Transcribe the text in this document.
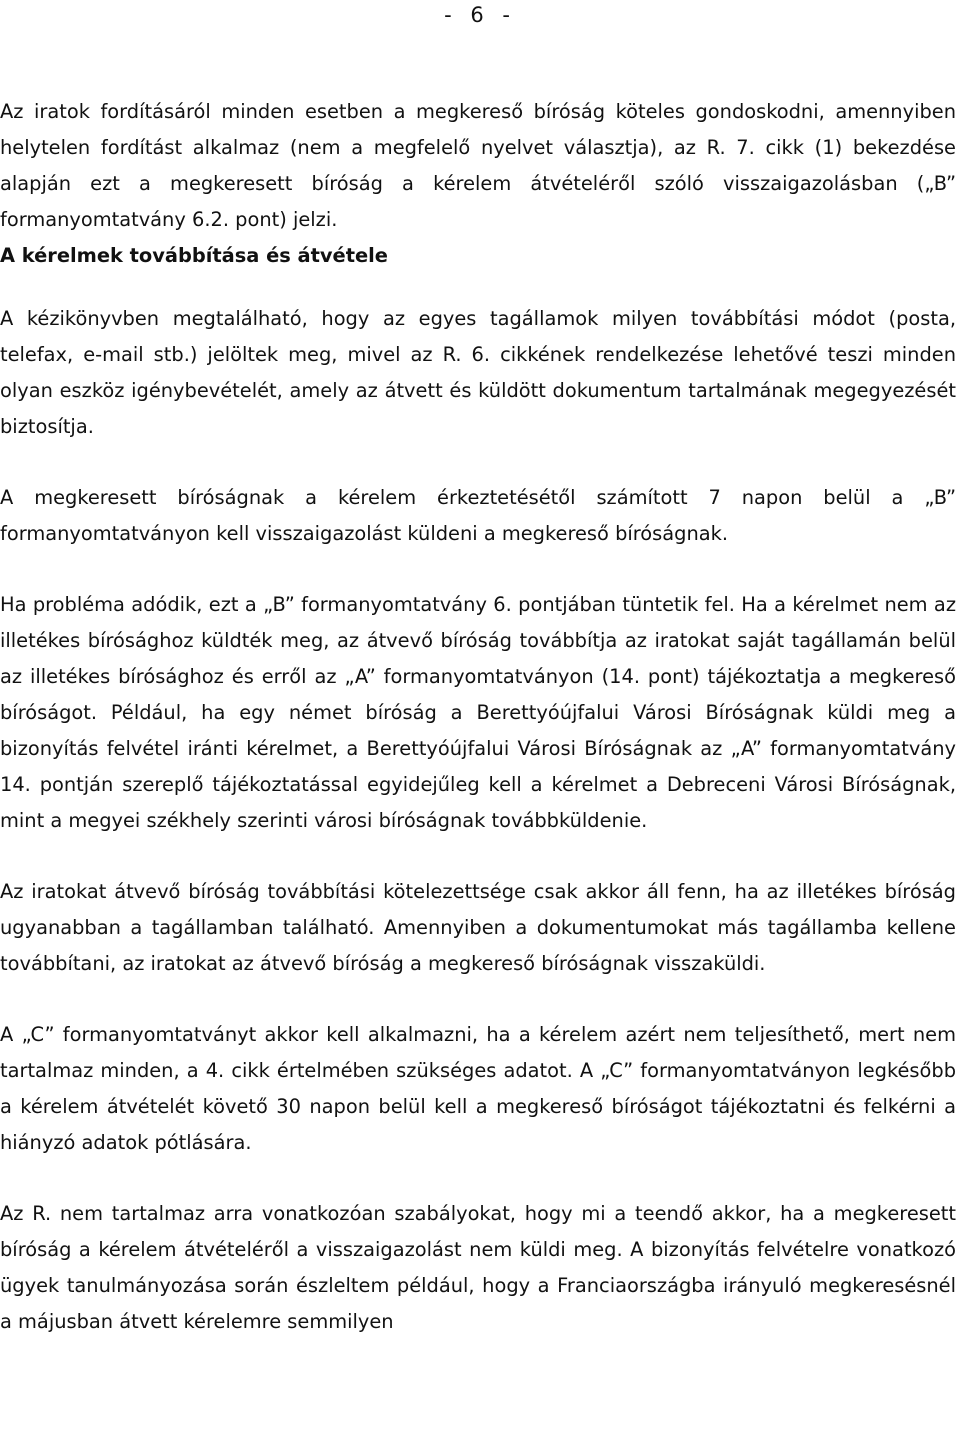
- 6 -

Az iratok fordításáról minden esetben a megkereső bíróság köteles gondoskodni, amennyiben helytelen fordítást alkalmaz (nem a megfelelő nyelvet választja), az R. 7. cikk (1) bekezdése alapján ezt a megkeresett bíróság a kérelem átvételéről szóló visszaigazolásban („B” formanyomtatvány 6.2. pont) jelzi.

A kérelmek továbbítása és átvétele

A kézikönyvben megtalálható, hogy az egyes tagállamok milyen továbbítási módot (posta, telefax, e-mail stb.) jelöltek meg, mivel az R. 6. cikkének rendelkezése lehetővé teszi minden olyan eszköz igénybevételét, amely az átvett és küldött dokumentum tartalmának megegyezését biztosítja.

A megkeresett bíróságnak a kérelem érkeztetésétől számított 7 napon belül a „B” formanyomtatványon kell visszaigazolást küldeni a megkereső bíróságnak.

Ha probléma adódik, ezt a „B” formanyomtatvány 6. pontjában tüntetik fel. Ha a kérelmet nem az illetékes bírósághoz küldték meg, az átvevő bíróság továbbítja az iratokat saját tagállamán belül az illetékes bírósághoz és erről az „A” formanyomtatványon (14. pont) tájékoztatja a megkereső bíróságot. Például, ha egy német bíróság a Berettyóújfalui Városi Bíróságnak küldi meg a bizonyítás felvétel iránti kérelmet, a Berettyóújfalui Városi Bíróságnak az „A” formanyomtatvány 14. pontján szereplő tájékoztatással egyidejűleg kell a kérelmet a Debreceni Városi Bíróságnak, mint a megyei székhely szerinti városi bíróságnak továbbküldenie.

Az iratokat átvevő bíróság továbbítási kötelezettsége csak akkor áll fenn, ha az illetékes bíróság ugyanabban a tagállamban található. Amennyiben a dokumentumokat más tagállamba kellene továbbítani, az iratokat az átvevő bíróság a megkereső bíróságnak visszaküldi.

A „C” formanyomtatványt akkor kell alkalmazni, ha a kérelem azért nem teljesíthető, mert nem tartalmaz minden, a 4. cikk értelmében szükséges adatot. A „C” formanyomtatványon legkésőbb a kérelem átvételét követő 30 napon belül kell a megkereső bíróságot tájékoztatni és felkérni a hiányzó adatok pótlására.

Az R. nem tartalmaz arra vonatkozóan szabályokat, hogy mi a teendő akkor, ha a megkeresett bíróság a kérelem átvételéről a visszaigazolást nem küldi meg. A bizonyítás felvételre vonatkozó ügyek tanulmányozása során észleltem például, hogy a Franciaországba irányuló megkeresésnél a májusban átvett kérelemre semmilyen
